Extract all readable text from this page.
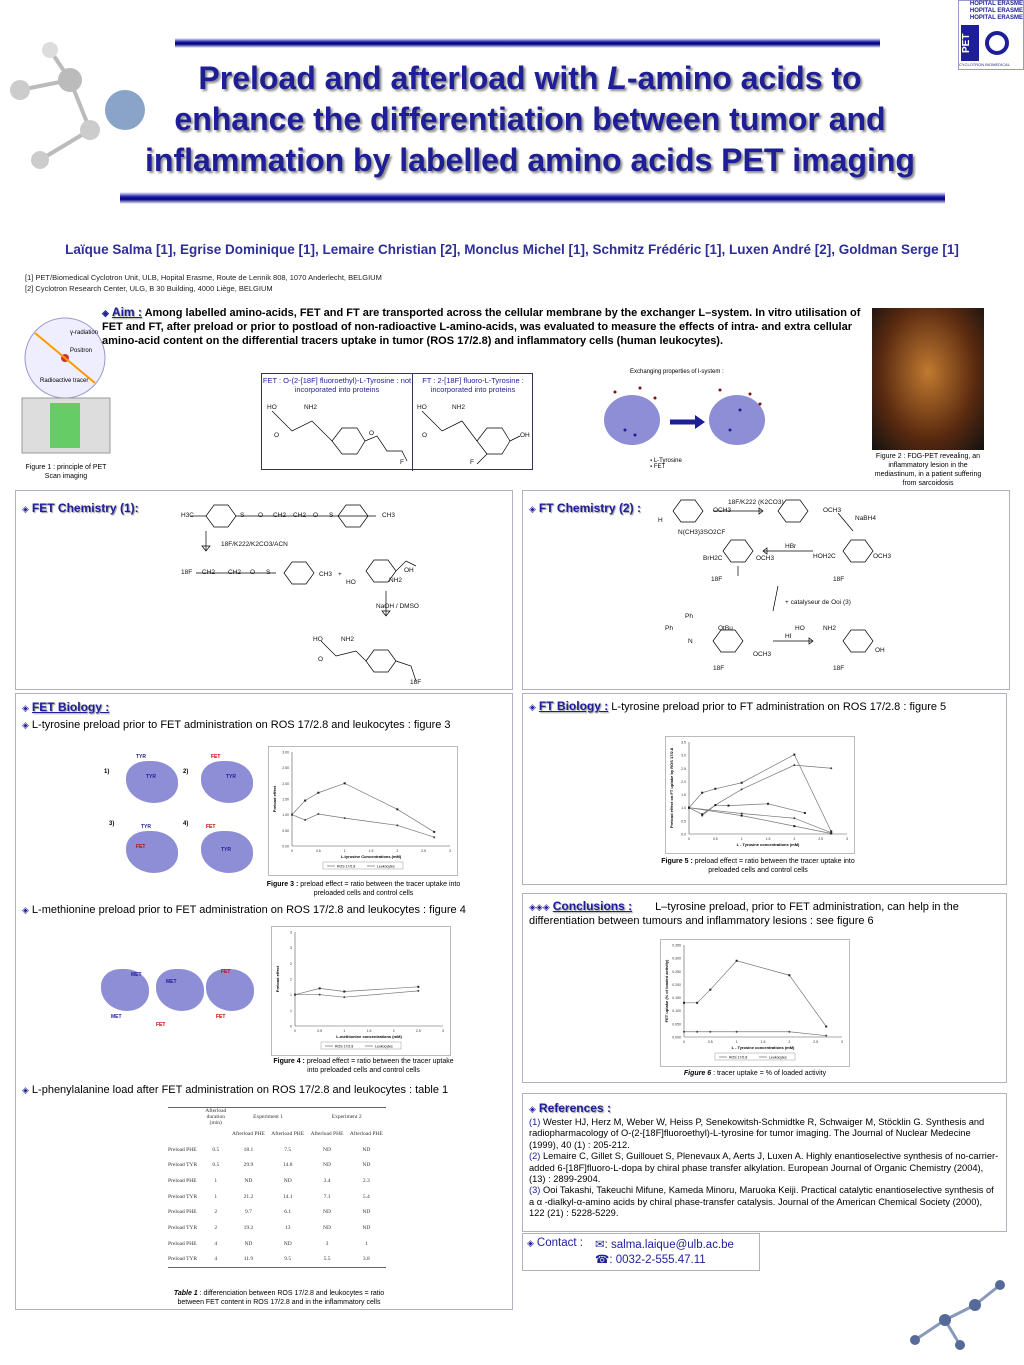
HOPITAL ERASME
HOPITAL ERASME
HOPITAL ERASME
PET
CYCLOTRON BIOMEDICAL
Preload and afterload with L-amino acids to
enhance the differentiation between tumor and
inflammation by labelled amino acids PET imaging
Laïque Salma [1], Egrise Dominique [1], Lemaire Christian [2], Monclus Michel [1], Schmitz Frédéric [1], Luxen André [2], Goldman Serge [1]
[1] PET/Biomedical Cyclotron Unit, ULB, Hopital Erasme, Route de Lennik 808, 1070 Anderlecht, BELGIUM
[2] Cyclotron Research Center, ULG, B 30 Building, 4000 Liège, BELGIUM
γ-radiation
Positron
Radioactive tracer
Figure 1 : principle of PET Scan imaging
◈ Aim : Among labelled amino-acids, FET and FT are transported across the cellular membrane by the exchanger L–system. In vitro utilisation of FET and FT, after preload or prior to postload of non-radioactive L-amino-acids, was evaluated to measure the effects of intra- and extra cellular amino-acid content on the differential tracers uptake in tumor (ROS 17/2.8) and inflammatory cells (human leukocytes).
FET : O-(2-[18F] fluoroethyl)-L-Tyrosine : not incorporated into proteins
FT : 2-[18F] fluoro-L-Tyrosine : incorporated into proteins
HO	NH2
O	O
F
HO	NH2
O	OH
F
Exchanging properties of l-system :
▪ L-Tyrosine
▪ FET
Figure 2 : FDG-PET revealing, an inflammatory lesion in the mediastinum, in a patient suffering from sarcoidosis
◈ FET Chemistry (1):
H3C	S O CH2 CH2 O S	CH3
18F/K222/K2CO3/ACN
18F CH2 CH2 O S	CH3 +
OH
NH2
HO
NaOH / DMSO
HO	NH2
O
18F
◈ FT Chemistry (2) :	18F/K222 (K2CO3)
OCH3	OCH3
H
N(CH3)3SO2CF
NaBH4
HBr
BrH2C	OCH3	HOH2C	OCH3
18F	18F
+ catalyseur de Ooi (3)
Ph
Ph
N
OtBu
OCH3
HI
HO	NH2
OH
18F	18F
◈ FET Biology :
◈ L-tyrosine preload prior to FET administration on ROS 17/2.8 and leukocytes : figure 3
1)	2)
3)	4)
TYR
TYR
FET
TYR
TYR
FET
FET
TYR
0.00
0.50
1.00
1.50
2.00
2.50
3.00
0	0.5	1	1.5	2	2.5	3
L-tyrosine Concentrations (mM)
Preload effect
ROS 17/2.8	Leukocytes
Figure 3 : preload effect = ratio between the tracer uptake into preloaded cells and control cells
◈ L-methionine preload prior to FET administration on ROS 17/2.8 and leukocytes : figure 4
MET
MET
MET
FET
FET
FET
0
1
1
2
2
3
3
0	0.5	1	1.5	2	2.5	3
L-methionine concentrations (mM)
Preload effect
ROS 17/2.8	Leukocytes
Figure 4 : preload effect = ratio between the tracer uptake into preloaded cells and control cells
◈ L-phenylalanine load after FET administration on ROS 17/2.8 and leukocytes : table 1
	Afterload duration (min)	Experiment 1		Experiment 2	
		Afterload PHE	Afterload PHE	Afterload PHE	Afterload PHE
Preload PHE	0.5	18.1	7.5	ND	ND
Preload TYR	0.5	29.9	14.8	ND	ND
Preload PHE	1	ND	ND	3.4	2.3
Preload TYR	1	21.2	14.1	7.1	5.4
Preload PHE	2	9.7	6.1	ND	ND
Preload TYR	2	19.2	13	ND	ND
Preload PHE	4	ND	ND	3	1
Preload TYR	4	11.9	9.5	5.5	3.8
Table 1 : differenciation between ROS 17/2.8 and leukocytes = ratio between FET content in ROS 17/2.8 and in the inflammatory cells
◈ FT Biology : L-tyrosine preload prior to FT administration on ROS 17/2.8 : figure 5
0.0
0.5
1.0
1.5
2.0
2.5
3.0
3.5
0	0.5	1	1.5	2	2.5	3
L - Tyrosine concentrations (mM)
Preload effect on FT uptake by ROS 17/2.8
Figure 5 : preload effect = ratio between the tracer uptake into preloaded cells and control cells
◈◈◈ Conclusions : L–tyrosine preload, prior to FET administration, can help in the differentiation between tumours and inflammatory lesions : see figure 6
0.000
0.050
0.100
0.150
0.200
0.250
0.300
0.350
0	0.5	1	1.5	2	2.5	3
L - Tyrosine concentrations (mM)
FET uptake (% of loaded activity)
ROS 17/2.8	Leukocytes
Figure 6 : tracer uptake = % of loaded activity
◈ References :
(1) Wester HJ, Herz M, Weber W, Heiss P, Senekowitsh-Schmidtke R, Schwaiger M, Stöcklin G. Synthesis and radiopharmacology of O-(2-[18F]fluoroethyl)-L-tyrosine for tumor imaging. The Journal of Nuclear Medecine (1999), 40 (1) : 205-212.
(2) Lemaire C, Gillet S, Guillouet S, Plenevaux A, Aerts J, Luxen A. Highly enantioselective synthesis of no-carrier-added 6-[18F]fluoro-L-dopa by chiral phase transfer alkylation. European Journal of Organic Chemistry (2004), (13) : 2899-2904.
(3) Ooi Takashi, Takeuchi Mifune, Kameda Minoru, Maruoka Keiji. Practical catalytic enantioselective synthesis of a α -dialkyl-α-amino acids by chiral phase-transfer catalysis. Journal of the American Chemical Society (2000), 122 (21) : 5228-5229.
◈ Contact : ✉: salma.laique@ulb.ac.be
☎: 0032-2-555.47.11
